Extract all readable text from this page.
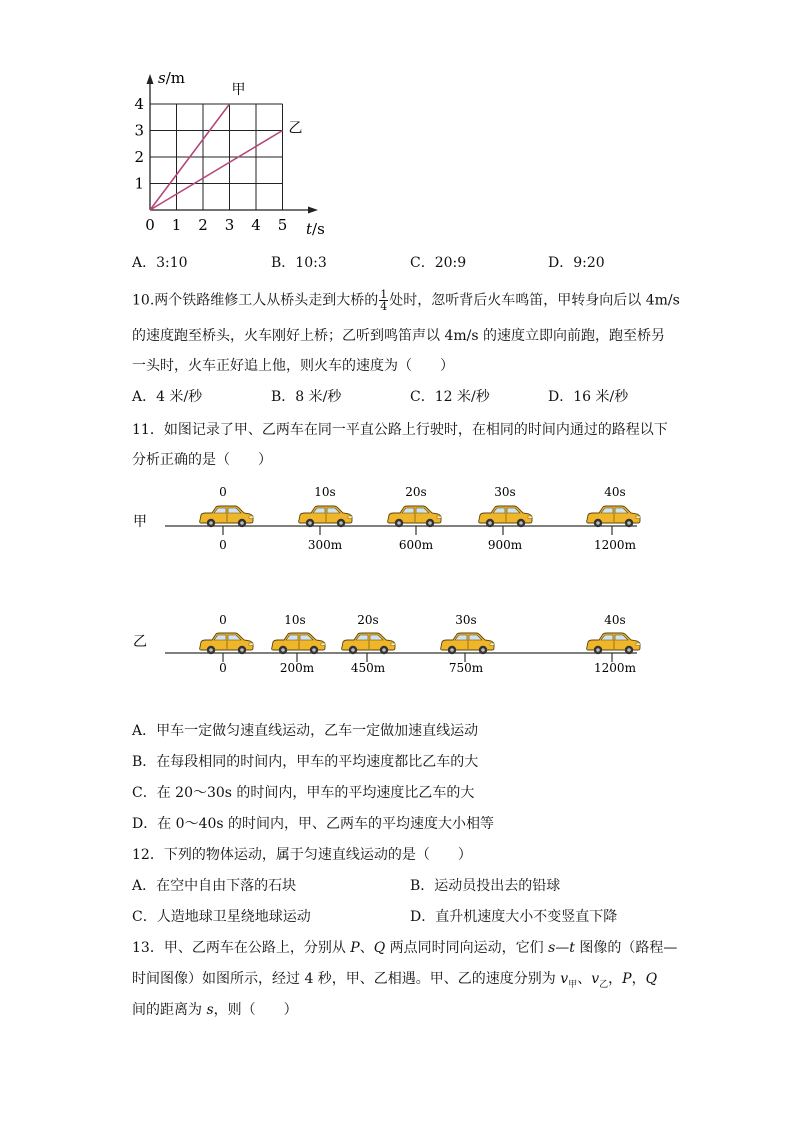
甲
乙
0 1 2 3 4 5
1
2
3
4
s/m
t/s
A．3:10	B．10:3	C．20:9	D．9:20
10.两个铁路维修工人从桥头走到大桥的 $\frac{1}{4}$ 处时，忽听背后火车鸣笛，甲转身向后以 4m/s
的速度跑至桥头，火车刚好上桥；乙听到鸣笛声以 4m/s 的速度立即向前跑，跑至桥另
一头时，火车正好追上他，则火车的速度为（　　）
A．4 米/秒	B．8 米/秒	C．12 米/秒	D．16 米/秒
11．如图记录了甲、乙两车在同一平直公路上行驶时，在相同的时间内通过的路程以下
分析正确的是（　　）
甲
0	10s	20s	30s	40s
0	300m	600m	900m	1200m
乙
0	10s	20s	30s	40s
0	200m	450m	750m	1200m
A．甲车一定做匀速直线运动，乙车一定做加速直线运动
B．在每段相同的时间内，甲车的平均速度都比乙车的大
C．在 20～30s 的时间内，甲车的平均速度比乙车的大
D．在 0～40s 的时间内，甲、乙两车的平均速度大小相等
12．下列的物体运动，属于匀速直线运动的是（　　）
A．在空中自由下落的石块	B．运动员投出去的铅球
C．人造地球卫星绕地球运动	D．直升机速度大小不变竖直下降
13．甲、乙两车在公路上，分别从 P、Q 两点同时同向运动，它们 s—t 图像的（路程—
时间图像）如图所示，经过 4 秒，甲、乙相遇。甲、乙的速度分别为 $v_甲$、$v_乙$，P，Q
间的距离为 s，则（　　）
